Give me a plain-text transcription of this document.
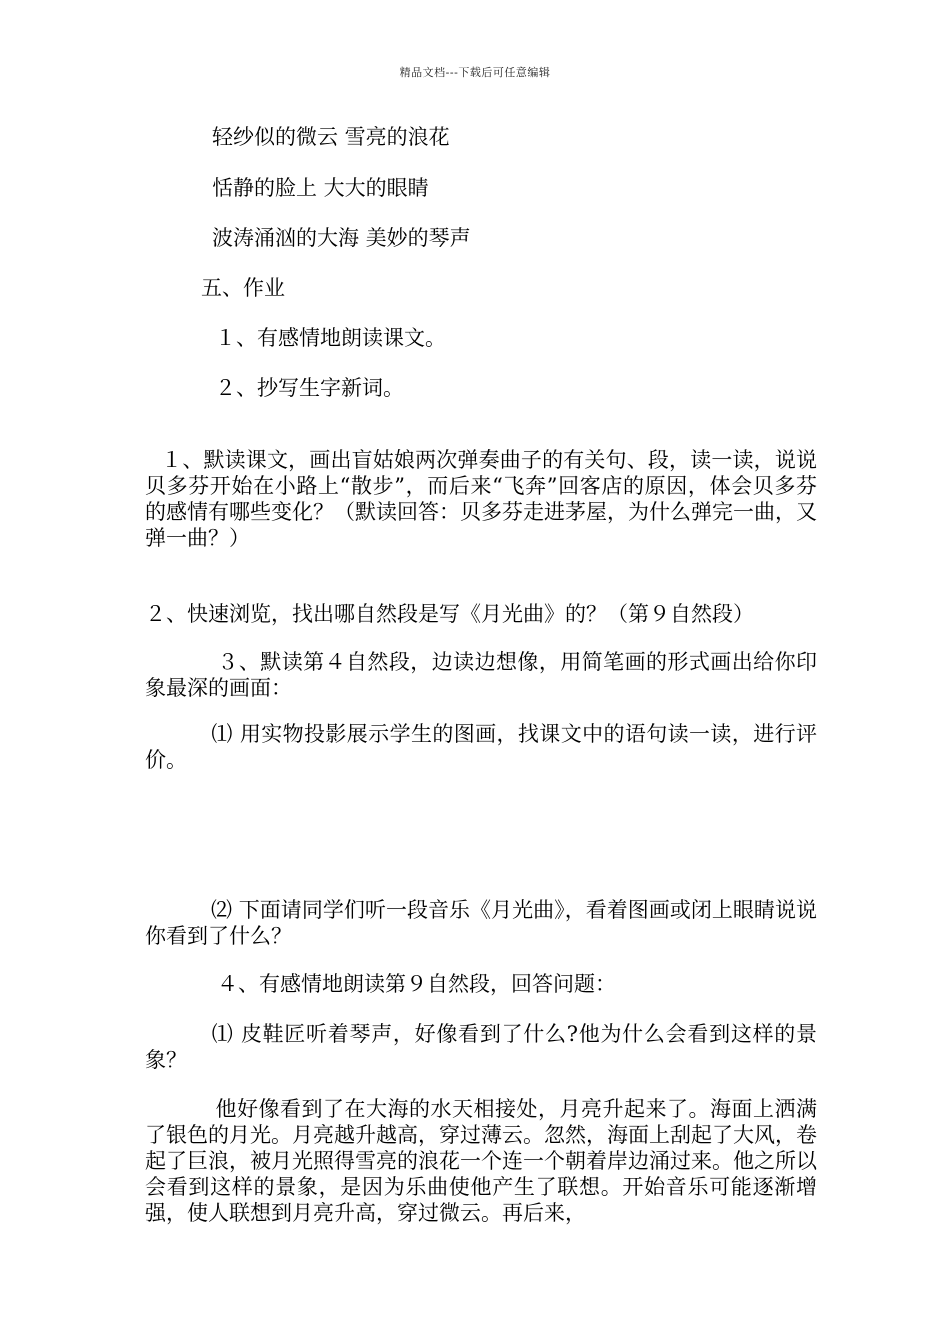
精品文档---下载后可任意编辑
轻纱似的微云 雪亮的浪花
恬静的脸上 大大的眼睛
波涛涌汹的大海 美妙的琴声
五、作业
１、有感情地朗读课文。
２、抄写生字新词。
１、默读课文，画出盲姑娘两次弹奏曲子的有关句、段，读一读，说说贝多芬开始在小路上“散步”，而后来“飞奔”回客店的原因，体会贝多芬的感情有哪些变化？（默读回答：贝多芬走进茅屋，为什么弹完一曲，又弹一曲？）
２、快速浏览，找出哪自然段是写《月光曲》的？（第９自然段）
３、默读第４自然段，边读边想像，用简笔画的形式画出给你印象最深的画面：
⑴ 用实物投影展示学生的图画，找课文中的语句读一读，进行评价。
⑵ 下面请同学们听一段音乐《月光曲》，看着图画或闭上眼睛说说你看到了什么？
４、有感情地朗读第９自然段，回答问题：
⑴ 皮鞋匠听着琴声，好像看到了什么?他为什么会看到这样的景象？
他好像看到了在大海的水天相接处，月亮升起来了。海面上洒满了银色的月光。月亮越升越高，穿过薄云。忽然，海面上刮起了大风，卷起了巨浪，被月光照得雪亮的浪花一个连一个朝着岸边涌过来。他之所以会看到这样的景象，是因为乐曲使他产生了联想。开始音乐可能逐渐增强，使人联想到月亮升高，穿过微云。再后来，
